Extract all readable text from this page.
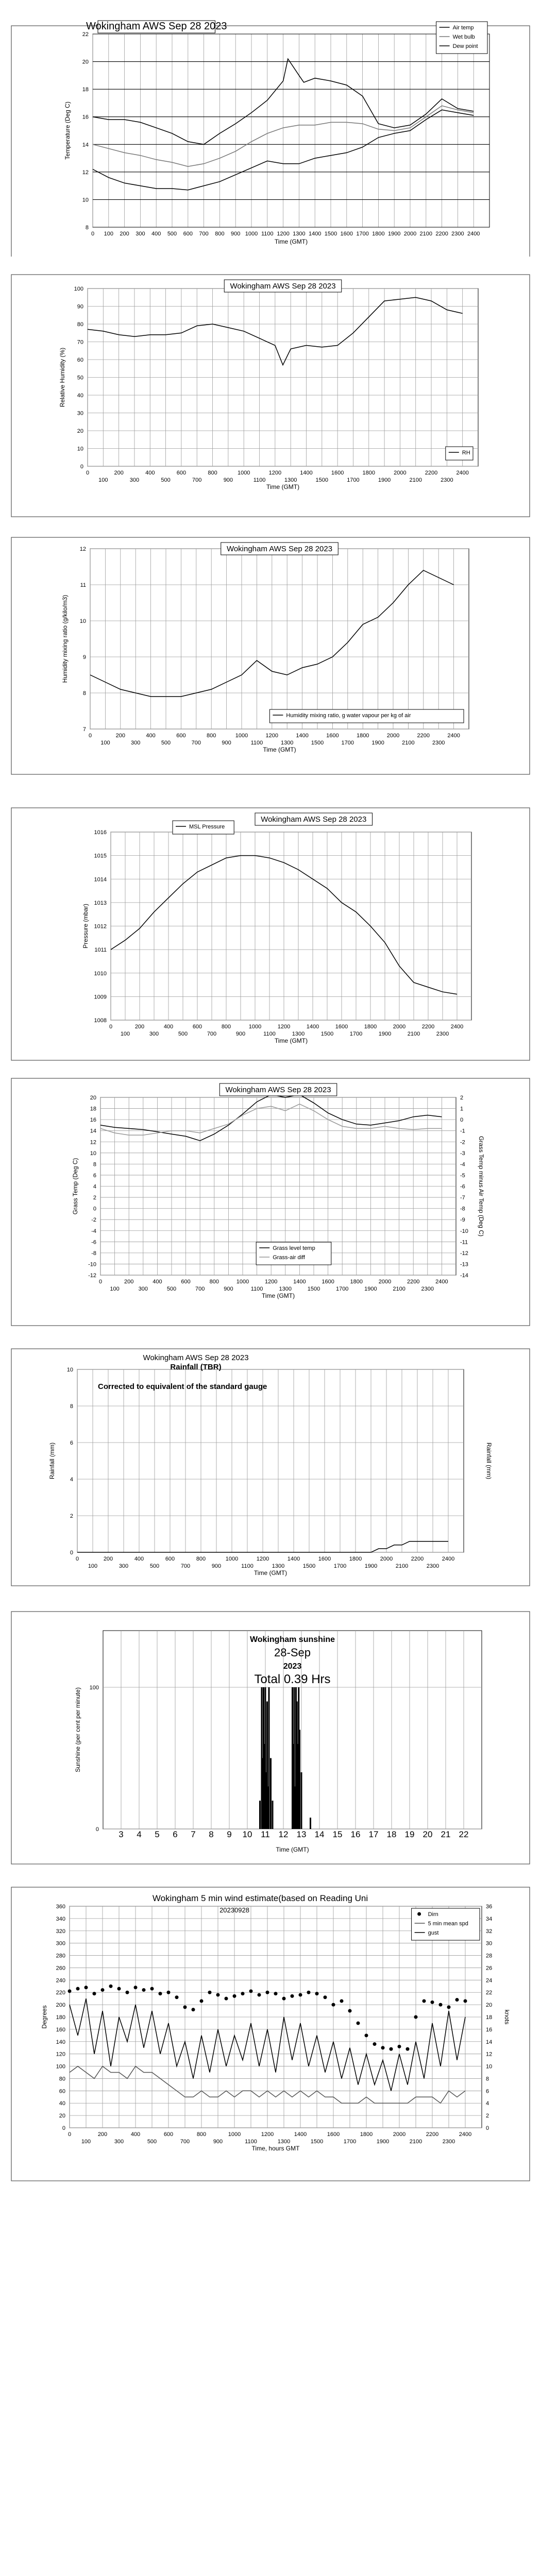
0 100 200 300 400 500 600 700 800 900 1000 1100 1200 1300 1400 1500 1600 1700 1800 1900 2000 2100 2200 2300 2400
8
10
12
14
16
18
20
22
Time (GMT)
Temperature (Deg C)
Wokingham AWS Sep 28 2023	Air temp
Wet bulb
Dew point
0
100
200
300
400
500
600
700
800
900
1000
1100
1200
1300
1400
1500
1600
1700
1800
1900
2000
2100
2200
2300
2400
0
10
20
30
40
50
60
70
80
90
100
Time (GMT)
Relative Humidity (%)
Wokingham AWS Sep 28 2023
RH
0
100
200
300
400
500
600
700
800
900
1000
1100
1200
1300
1400
1500
1600
1700
1800
1900
2000
2100
2200
2300
2400
7
8
9
10
11
12
Time (GMT)
Humidity mixing ratio (g/kilo/m3)
Wokingham AWS Sep 28 2023
Humidity mixing ratio, g water vapour per kg of air
0
100
200
300
400
500
600
700
800
900
1000
1100
1200
1300
1400
1500
1600
1700
1800
1900
2000
2100
2200
2300
2400
1008
1009
1010
1011
1012
1013
1014
1015
1016
Time (GMT)
Pressure (mbar)
Wokingham AWS Sep 28 2023
MSL Pressure
0
100
200
300
400
500
600
700
800
900
1000
1100
1200
1300
1400
1500
1600
1700
1800
1900
2000
2100
2200
2300
2400
-12
-10
-8
-6
-4
-2
0
2
4
6
8
10
12
14
16
18
20
-14
-13
-12
-11
-10
-9
-8
-7
-6
-5
-4
-3
-2
-1
0
1
2
Time (GMT)
Grass Temp (Deg C)	Grass Temp minus Air Temp (Deg C)
Wokingham AWS Sep 28 2023
Grass level temp
Grass-air diff
0
100
200
300
400
500
600
700
800
900
1000
1100
1200
1300
1400
1500
1600
1700
1800
1900
2000
2100
2200
2300
2400
0
2
4
6
8
10
Time (GMT)
Rainfall (mm)	Rainfall (mm)
Wokingham AWS Sep 28 2023
Rainfall (TBR)
Corrected to equivalent of the standard gauge
3 4 5 6 7 8 9 10 11 12 13 14 15 16 17 18 19 20 21 22
0
100
Time (GMT)
Sunshine (per cent per minute)
Wokingham sunshine
28-Sep
2023
Total 0.39 Hrs
0
100
200
300
400
500
600
700
800
900
1000
1100
1200
1300
1400
1500
1600
1700
1800
1900
2000
2100
2200
2300
2400
0
20
40
60
80
100
120
140
160
180
200
220
240
260
280
300
320
340
360
0
2
4
6
8
10
12
14
16
18
20
22
24
26
28
30
32
34
36
Time, hours GMT
Degrees	knots
Wokingham 5 min wind estimate(based on Reading Uni
20230928
Dirn
5 min mean spd
gust
